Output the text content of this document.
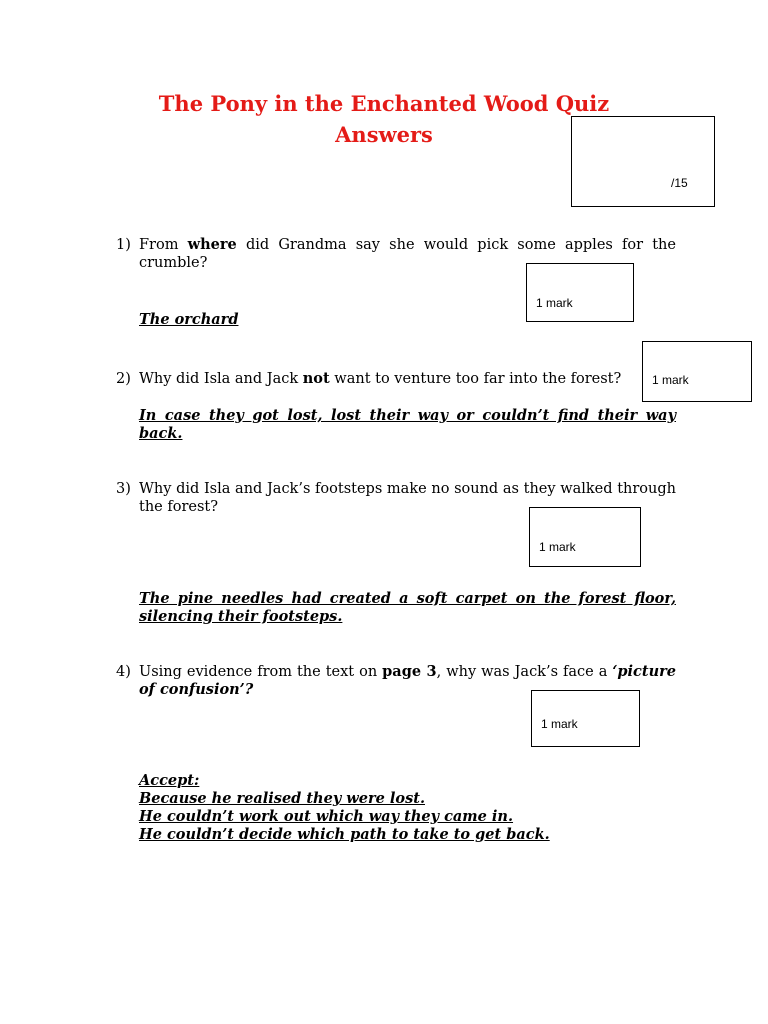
The Pony in the Enchanted Wood Quiz
Answers
/15
1) From where did Grandma say she would pick some apples for the crumble?
1 mark
The orchard
2) Why did Isla and Jack not want to venture too far into the forest?	1 mark
In case they got lost, lost their way or couldn’t find their way back.
3) Why did Isla and Jack’s footsteps make no sound as they walked through the forest?
1 mark
The pine needles had created a soft carpet on the forest floor, silencing their footsteps.
4) Using evidence from the text on page 3, why was Jack’s face a ‘picture of confusion’?
1 mark
Accept:
Because he realised they were lost.
He couldn’t work out which way they came in.
He couldn’t decide which path to take to get back.
